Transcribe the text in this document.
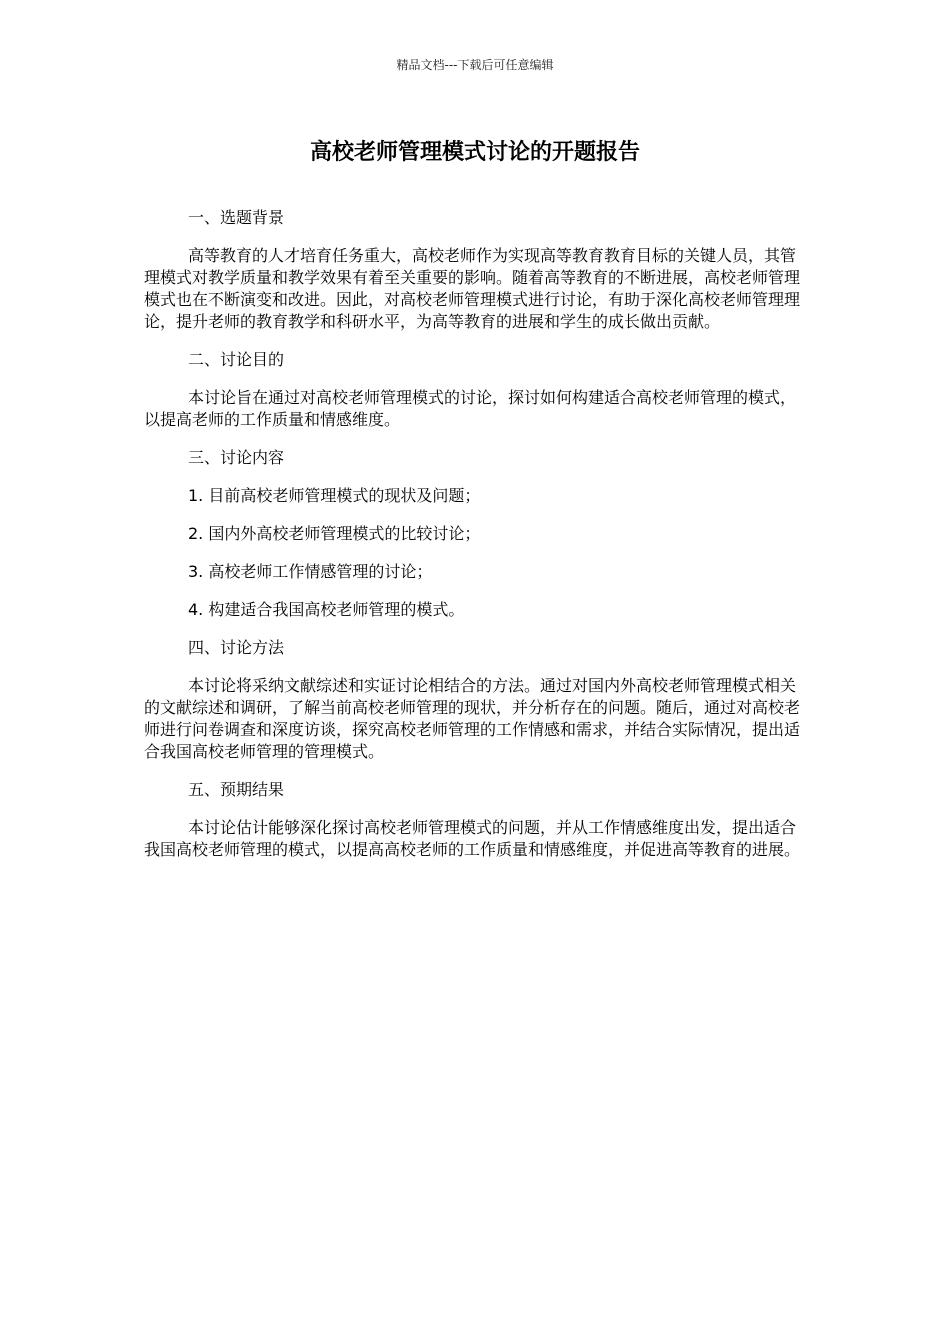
精品文档---下载后可任意编辑
高校老师管理模式讨论的开题报告

一、选题背景

高等教育的人才培育任务重大，高校老师作为实现高等教育教育目标的关键人员，其管理模式对教学质量和教学效果有着至关重要的影响。随着高等教育的不断进展，高校老师管理模式也在不断演变和改进。因此，对高校老师管理模式进行讨论，有助于深化高校老师管理理论，提升老师的教育教学和科研水平，为高等教育的进展和学生的成长做出贡献。

二、讨论目的

本讨论旨在通过对高校老师管理模式的讨论，探讨如何构建适合高校老师管理的模式，以提高老师的工作质量和情感维度。

三、讨论内容

1. 目前高校老师管理模式的现状及问题；

2. 国内外高校老师管理模式的比较讨论；

3. 高校老师工作情感管理的讨论；

4. 构建适合我国高校老师管理的模式。

四、讨论方法

本讨论将采纳文献综述和实证讨论相结合的方法。通过对国内外高校老师管理模式相关的文献综述和调研，了解当前高校老师管理的现状，并分析存在的问题。随后，通过对高校老师进行问卷调查和深度访谈，探究高校老师管理的工作情感和需求，并结合实际情况，提出适合我国高校老师管理的管理模式。

五、预期结果

本讨论估计能够深化探讨高校老师管理模式的问题，并从工作情感维度出发，提出适合我国高校老师管理的模式，以提高高校老师的工作质量和情感维度，并促进高等教育的进展。
